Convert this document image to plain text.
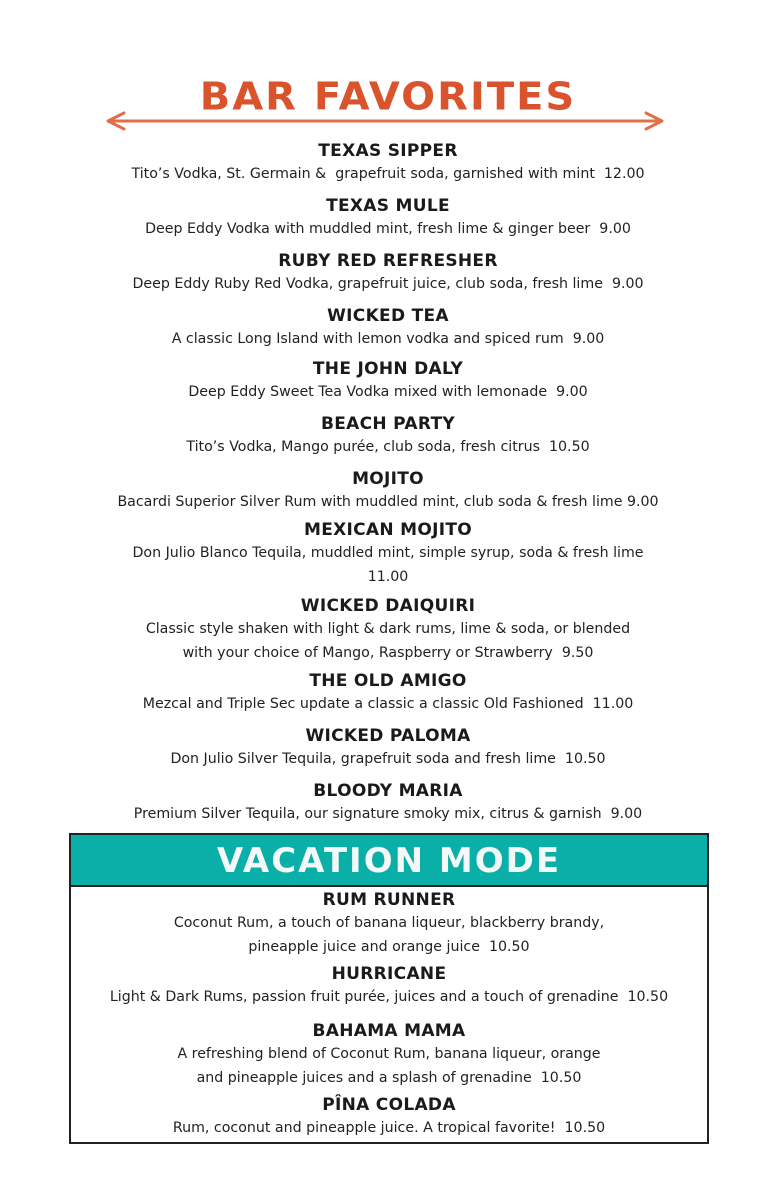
BAR FAVORITES
TEXAS SIPPER
Tito’s Vodka, St. Germain &  grapefruit soda, garnished with mint  12.00
TEXAS MULE
Deep Eddy Vodka with muddled mint, fresh lime & ginger beer  9.00
RUBY RED REFRESHER
Deep Eddy Ruby Red Vodka, grapefruit juice, club soda, fresh lime  9.00
WICKED TEA
A classic Long Island with lemon vodka and spiced rum  9.00
THE JOHN DALY
Deep Eddy Sweet Tea Vodka mixed with lemonade  9.00
BEACH PARTY
Tito’s Vodka, Mango purée, club soda, fresh citrus  10.50
MOJITO
Bacardi Superior Silver Rum with muddled mint, club soda & fresh lime 9.00
MEXICAN MOJITO
Don Julio Blanco Tequila, muddled mint, simple syrup, soda & fresh lime
11.00
WICKED DAIQUIRI
Classic style shaken with light & dark rums, lime & soda, or blended
with your choice of Mango, Raspberry or Strawberry  9.50
THE OLD AMIGO
Mezcal and Triple Sec update a classic a classic Old Fashioned  11.00
WICKED PALOMA
Don Julio Silver Tequila, grapefruit soda and fresh lime  10.50
BLOODY MARIA
Premium Silver Tequila, our signature smoky mix, citrus & garnish  9.00
VACATION MODE
RUM RUNNER
Coconut Rum, a touch of banana liqueur, blackberry brandy,
pineapple juice and orange juice  10.50
HURRICANE
Light & Dark Rums, passion fruit purée, juices and a touch of grenadine  10.50
BAHAMA MAMA
A refreshing blend of Coconut Rum, banana liqueur, orange
and pineapple juices and a splash of grenadine  10.50
PÎNA COLADA
Rum, coconut and pineapple juice. A tropical favorite!  10.50
